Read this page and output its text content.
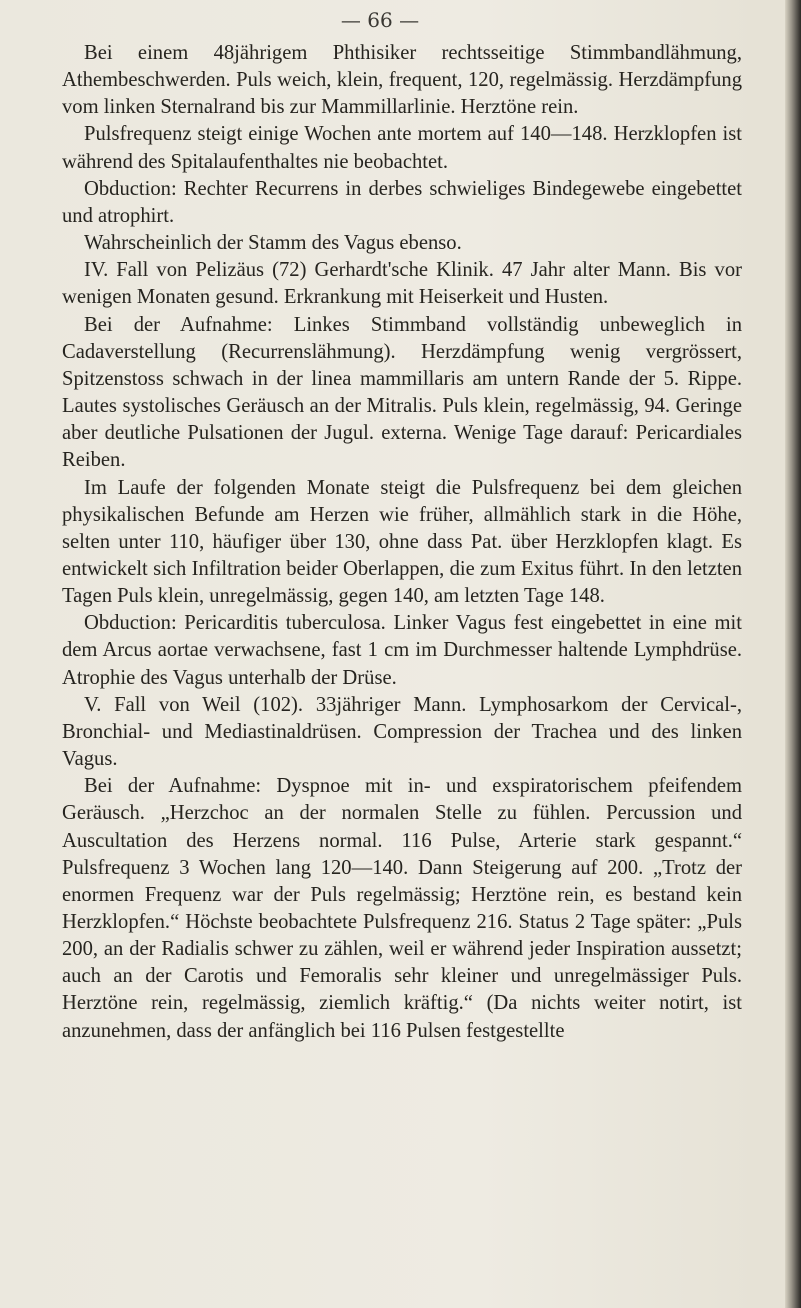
— 66 —

Bei einem 48jährigem Phthisiker rechtsseitige Stimmbandlähmung, Athembeschwerden. Puls weich, klein, frequent, 120, regelmässig. Herzdämpfung vom linken Sternalrand bis zur Mammillarlinie. Herztöne rein.

Pulsfrequenz steigt einige Wochen ante mortem auf 140—148. Herzklopfen ist während des Spitalaufenthaltes nie beobachtet.

Obduction: Rechter Recurrens in derbes schwieliges Bindegewebe eingebettet und atrophirt.

Wahrscheinlich der Stamm des Vagus ebenso.

IV. Fall von Pelizäus (72) Gerhardt'sche Klinik. 47 Jahr alter Mann. Bis vor wenigen Monaten gesund. Erkrankung mit Heiserkeit und Husten.

Bei der Aufnahme: Linkes Stimmband vollständig unbeweglich in Cadaverstellung (Recurrenslähmung). Herzdämpfung wenig vergrössert, Spitzenstoss schwach in der linea mammillaris am untern Rande der 5. Rippe. Lautes systolisches Geräusch an der Mitralis. Puls klein, regelmässig, 94. Geringe aber deutliche Pulsationen der Jugul. externa. Wenige Tage darauf: Pericardiales Reiben.

Im Laufe der folgenden Monate steigt die Pulsfrequenz bei dem gleichen physikalischen Befunde am Herzen wie früher, allmählich stark in die Höhe, selten unter 110, häufiger über 130, ohne dass Pat. über Herzklopfen klagt. Es entwickelt sich Infiltration beider Oberlappen, die zum Exitus führt. In den letzten Tagen Puls klein, unregelmässig, gegen 140, am letzten Tage 148.

Obduction: Pericarditis tuberculosa. Linker Vagus fest eingebettet in eine mit dem Arcus aortae verwachsene, fast 1 cm im Durchmesser haltende Lymphdrüse. Atrophie des Vagus unterhalb der Drüse.

V. Fall von Weil (102). 33jähriger Mann. Lymphosarkom der Cervical-, Bronchial- und Mediastinaldrüsen. Compression der Trachea und des linken Vagus.

Bei der Aufnahme: Dyspnoe mit in- und exspiratorischem pfeifendem Geräusch. „Herzchoc an der normalen Stelle zu fühlen. Percussion und Auscultation des Herzens normal. 116 Pulse, Arterie stark gespannt.“ Pulsfrequenz 3 Wochen lang 120—140. Dann Steigerung auf 200. „Trotz der enormen Frequenz war der Puls regelmässig; Herztöne rein, es bestand kein Herzklopfen.“ Höchste beobachtete Pulsfrequenz 216. Status 2 Tage später: „Puls 200, an der Radialis schwer zu zählen, weil er während jeder Inspiration aussetzt; auch an der Carotis und Femoralis sehr kleiner und unregelmässiger Puls. Herztöne rein, regelmässig, ziemlich kräftig.“ (Da nichts weiter notirt, ist anzunehmen, dass der anfänglich bei 116 Pulsen festgestellte
